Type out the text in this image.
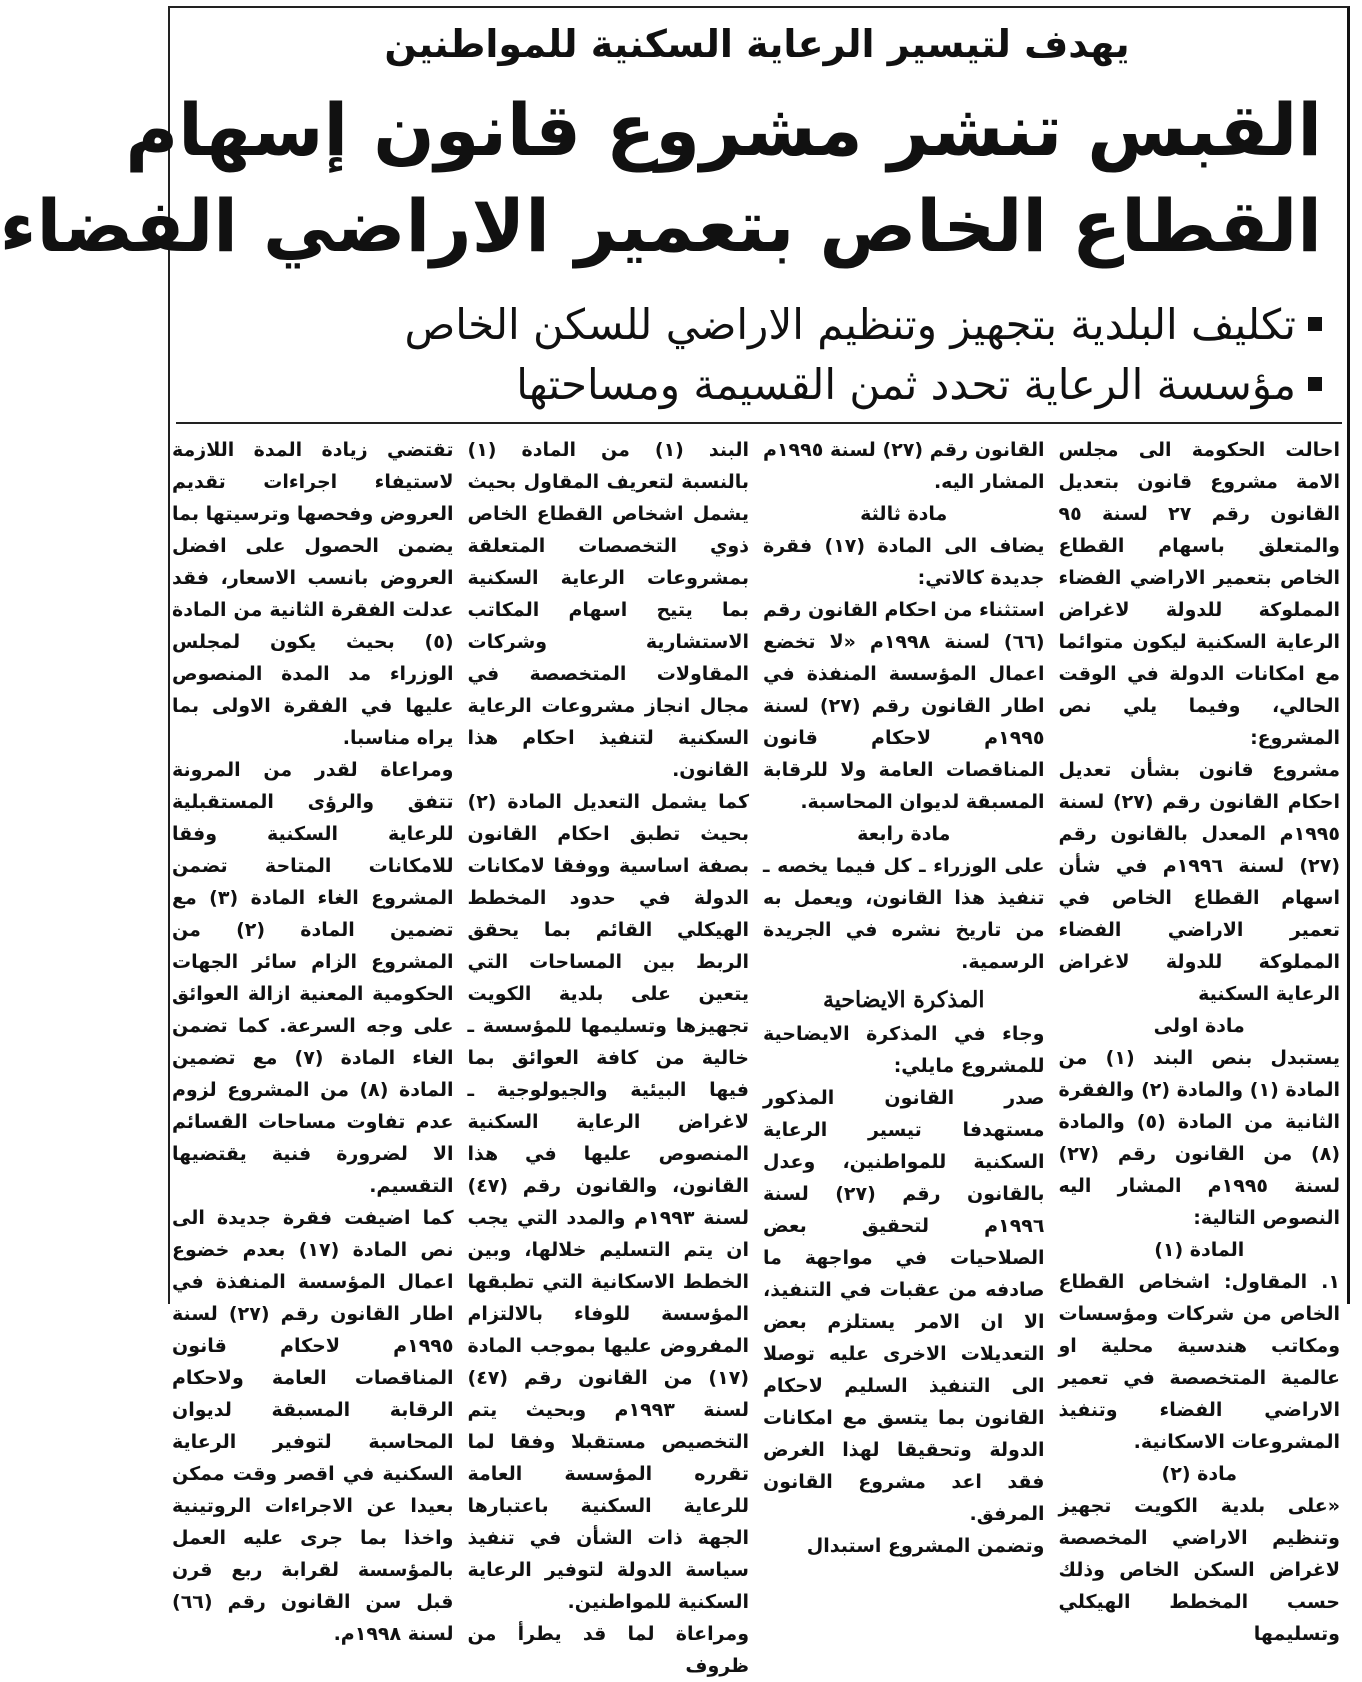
يهدف لتيسير الرعاية السكنية للمواطنين
القبس تنشر مشروع قانون إسهام
القطاع الخاص بتعمير الاراضي الفضاء
تكليف البلدية بتجهيز وتنظيم الاراضي للسكن الخاص
مؤسسة الرعاية تحدد ثمن القسيمة ومساحتها

احالت الحكومة الى مجلس الامة مشروع قانون بتعديل القانون رقم ٢٧ لسنة ٩٥ والمتعلق باسهام القطاع الخاص بتعمير الاراضي الفضاء المملوكة للدولة لاغراض الرعاية السكنية ليكون متوائما مع امكانات الدولة في الوقت الحالي، وفيما يلي نص المشروع:

مشروع قانون بشأن تعديل احكام القانون رقم (٢٧) لسنة ١٩٩٥م المعدل بالقانون رقم (٢٧) لسنة ١٩٩٦م في شأن اسهام القطاع الخاص في تعمير الاراضي الفضاء المملوكة للدولة لاغراض الرعاية السكنية

مادة اولى

يستبدل بنص البند (١) من المادة (١) والمادة (٢) والفقرة الثانية من المادة (٥) والمادة (٨) من القانون رقم (٢٧) لسنة ١٩٩٥م المشار اليه النصوص التالية:

المادة (١)

١. المقاول: اشخاص القطاع الخاص من شركات ومؤسسات ومكاتب هندسية محلية او عالمية المتخصصة في تعمير الاراضي الفضاء وتنفيذ المشروعات الاسكانية.

مادة (٢)

«على بلدية الكويت تجهيز وتنظيم الاراضي المخصصة لاغراض السكن الخاص وذلك حسب المخطط الهيكلي وتسليمها

القانون رقم (٢٧) لسنة ١٩٩٥م المشار اليه.

مادة ثالثة

يضاف الى المادة (١٧) فقرة جديدة كالاتي:

استثناء من احكام القانون رقم (٦٦) لسنة ١٩٩٨م «لا تخضع اعمال المؤسسة المنفذة في اطار القانون رقم (٢٧) لسنة ١٩٩٥م لاحكام قانون المناقصات العامة ولا للرقابة المسبقة لديوان المحاسبة.

مادة رابعة

على الوزراء ـ كل فيما يخصه ـ تنفيذ هذا القانون، ويعمل به من تاريخ نشره في الجريدة الرسمية.

المذكرة الايضاحية

وجاء في المذكرة الايضاحية للمشروع مايلي:

صدر القانون المذكور مستهدفا تيسير الرعاية السكنية للمواطنين، وعدل بالقانون رقم (٢٧) لسنة ١٩٩٦م لتحقيق بعض الصلاحيات في مواجهة ما صادفه من عقبات في التنفيذ، الا ان الامر يستلزم بعض التعديلات الاخرى عليه توصلا الى التنفيذ السليم لاحكام القانون بما يتسق مع امكانات الدولة وتحقيقا لهذا الغرض فقد اعد مشروع القانون المرفق.

وتضمن المشروع استبدال

البند (١) من المادة (١) بالنسبة لتعريف المقاول بحيث يشمل اشخاص القطاع الخاص ذوي التخصصات المتعلقة بمشروعات الرعاية السكنية بما يتيح اسهام المكاتب الاستشارية وشركات المقاولات المتخصصة في مجال انجاز مشروعات الرعاية السكنية لتنفيذ احكام هذا القانون.

كما يشمل التعديل المادة (٢) بحيث تطبق احكام القانون بصفة اساسية ووفقا لامكانات الدولة في حدود المخطط الهيكلي القائم بما يحقق الربط بين المساحات التي يتعين على بلدية الكويت تجهيزها وتسليمها للمؤسسة ـ خالية من كافة العوائق بما فيها البيئية والجيولوجية ـ لاغراض الرعاية السكنية المنصوص عليها في هذا القانون، والقانون رقم (٤٧) لسنة ١٩٩٣م والمدد التي يجب ان يتم التسليم خلالها، وبين الخطط الاسكانية التي تطبقها المؤسسة للوفاء بالالتزام المفروض عليها بموجب المادة (١٧) من القانون رقم (٤٧) لسنة ١٩٩٣م وبحيث يتم التخصيص مستقبلا وفقا لما تقرره المؤسسة العامة للرعاية السكنية باعتبارها الجهة ذات الشأن في تنفيذ سياسة الدولة لتوفير الرعاية السكنية للمواطنين.

ومراعاة لما قد يطرأ من ظروف

تقتضي زيادة المدة اللازمة لاستيفاء اجراءات تقديم العروض وفحصها وترسيتها بما يضمن الحصول على افضل العروض بانسب الاسعار، فقد عدلت الفقرة الثانية من المادة (٥) بحيث يكون لمجلس الوزراء مد المدة المنصوص عليها في الفقرة الاولى بما يراه مناسبا.

ومراعاة لقدر من المرونة تتفق والرؤى المستقبلية للرعاية السكنية وفقا للامكانات المتاحة تضمن المشروع الغاء المادة (٣) مع تضمين المادة (٢) من المشروع الزام سائر الجهات الحكومية المعنية ازالة العوائق على وجه السرعة. كما تضمن الغاء المادة (٧) مع تضمين المادة (٨) من المشروع لزوم عدم تفاوت مساحات القسائم الا لضرورة فنية يقتضيها التقسيم.

كما اضيفت فقرة جديدة الى نص المادة (١٧) بعدم خضوع اعمال المؤسسة المنفذة في اطار القانون رقم (٢٧) لسنة ١٩٩٥م لاحكام قانون المناقصات العامة ولاحكام الرقابة المسبقة لديوان المحاسبة لتوفير الرعاية السكنية في اقصر وقت ممكن بعيدا عن الاجراءات الروتينية واخذا بما جرى عليه العمل بالمؤسسة لقرابة ربع قرن قبل سن القانون رقم (٦٦) لسنة ١٩٩٨م.
